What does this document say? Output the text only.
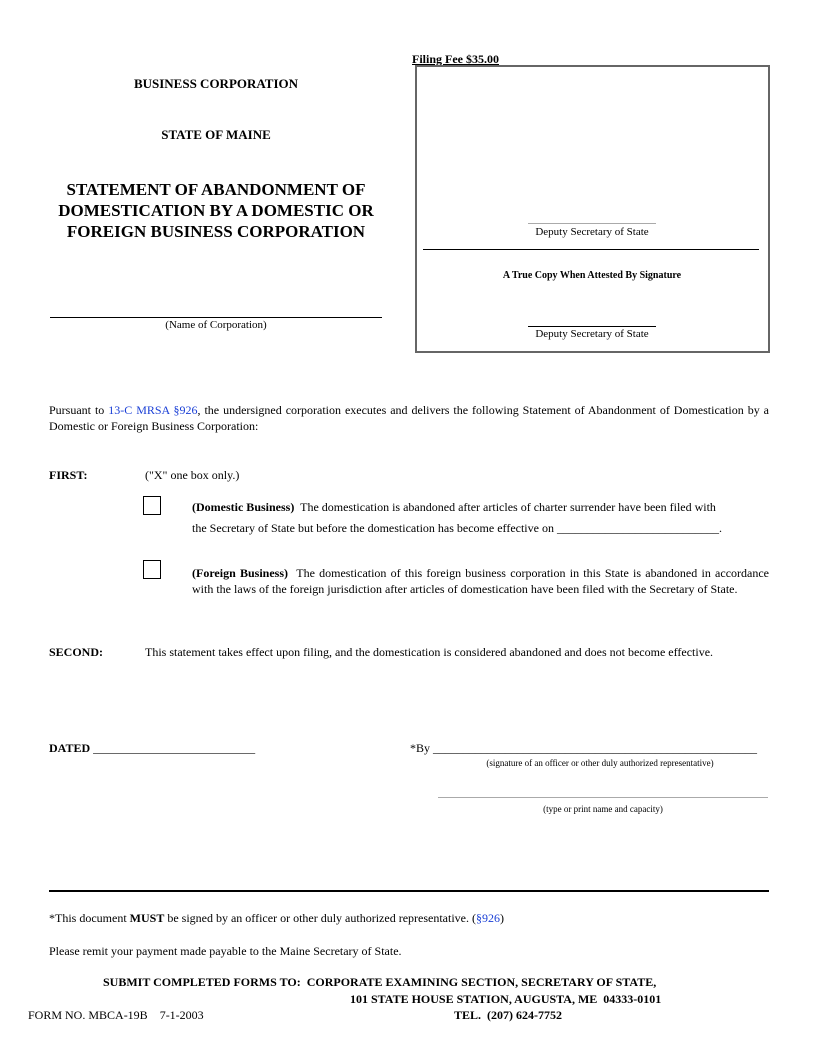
Filing Fee $35.00
Deputy Secretary of State
A True Copy When Attested By Signature
Deputy Secretary of State
BUSINESS CORPORATION
STATE OF MAINE
STATEMENT OF ABANDONMENT OF
DOMESTICATION BY A DOMESTIC OR
FOREIGN BUSINESS CORPORATION
(Name of Corporation)
Pursuant to 13-C MRSA §926, the undersigned corporation executes and delivers the following Statement of Abandonment of Domestication by a Domestic or Foreign Business Corporation:
FIRST:	("X" one box only.)
(Domestic Business)  The domestication is abandoned after articles of charter surrender have been filed with
the Secretary of State but before the domestication has become effective on ___________________________.
(Foreign Business)  The domestication of this foreign business corporation in this State is abandoned in accordance with the laws of the foreign jurisdiction after articles of domestication have been filed with the Secretary of State.
SECOND:	This statement takes effect upon filing, and the domestication is considered abandoned and does not become effective.
DATED ___________________________	*By ______________________________________________________
(signature of an officer or other duly authorized representative)
(type or print name and capacity)
*This document MUST be signed by an officer or other duly authorized representative. (§926)
Please remit your payment made payable to the Maine Secretary of State.
SUBMIT COMPLETED FORMS TO:  CORPORATE EXAMINING SECTION, SECRETARY OF STATE,
101 STATE HOUSE STATION, AUGUSTA, ME  04333-0101
TEL.  (207) 624-7752
FORM NO. MBCA-19B    7-1-2003
